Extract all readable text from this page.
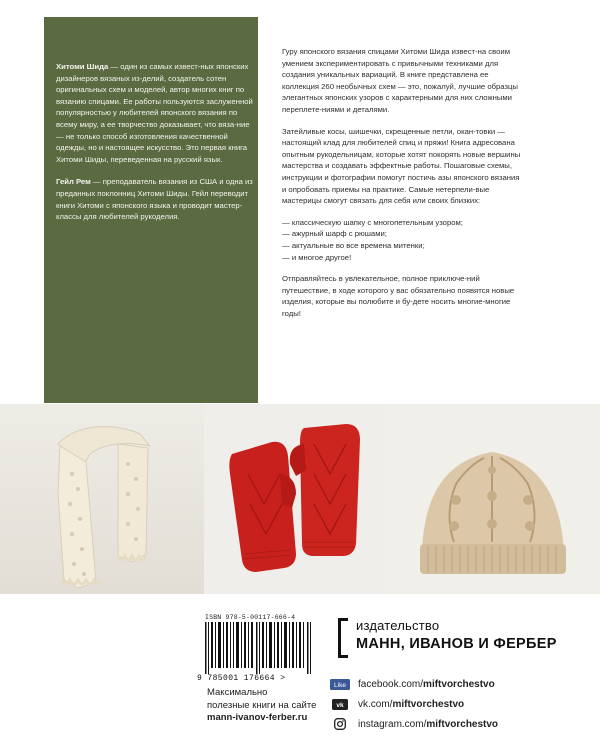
Хитоми Шида — один из самых извест-ных японских дизайнеров вязаных из-делий, создатель сотен оригинальных схем и моделей, автор многих книг по вязанию спицами. Ее работы пользуются заслуженной популярностью у любителей японского вязания по всему миру, а ее творчество доказывает, что вяза-ние — не только способ изготовления качественной одежды, но и настоящее искусство. Это первая книга Хитоми Шиды, переведенная на русский язык.

Гейл Рем — преподаватель вязания из США и одна из преданных поклонниц Хитоми Шиды. Гейл переводит книги Хитоми с японского языка и проводит мастер-классы для любителей рукоделия.

Гуру японского вязания спицами Хитоми Шида извест-на своим умением экспериментировать с привычными техниками для создания уникальных вариаций. В книге представлена ее коллекция 260 необычных схем — это, пожалуй, лучшие образцы элегантных японских узоров с характерными для них сложными переплете-ниями и деталями.

Затейливые косы, шишечки, скрещенные петли, окан-товки — настоящий клад для любителей спиц и пряжи! Книга адресована опытным рукодельницам, которые хотят покорять новые вершины мастерства и создавать эффектные работы. Пошаговые схемы, инструкции и фотографии помогут постичь азы японского вязания и опробовать приемы на практике. Самые нетерпели-вые мастерицы смогут связать для себя или своих близких:

— классическую шапку с многопетельным узором;
— ажурный шарф с рюшами;
— актуальные во все времена митенки;
— и многое другое!

Отправляйтесь в увлекательное, полное приключе-ний путешествие, в ходе которого у вас обязательно появятся новые изделия, которые вы полюбите и бу-дете носить многие-многие годы!

ISBN 978-5-00117-666-4
9 785001 176664 >
Максимально
полезные книги на сайте
mann-ivanov-ferber.ru
издательство
МАНН, ИВАНОВ И ФЕРБЕР
Like facebook.com/ miftvorchestvo
vk vk.com/ miftvorchestvo
instagram.com/ miftvorchestvo
